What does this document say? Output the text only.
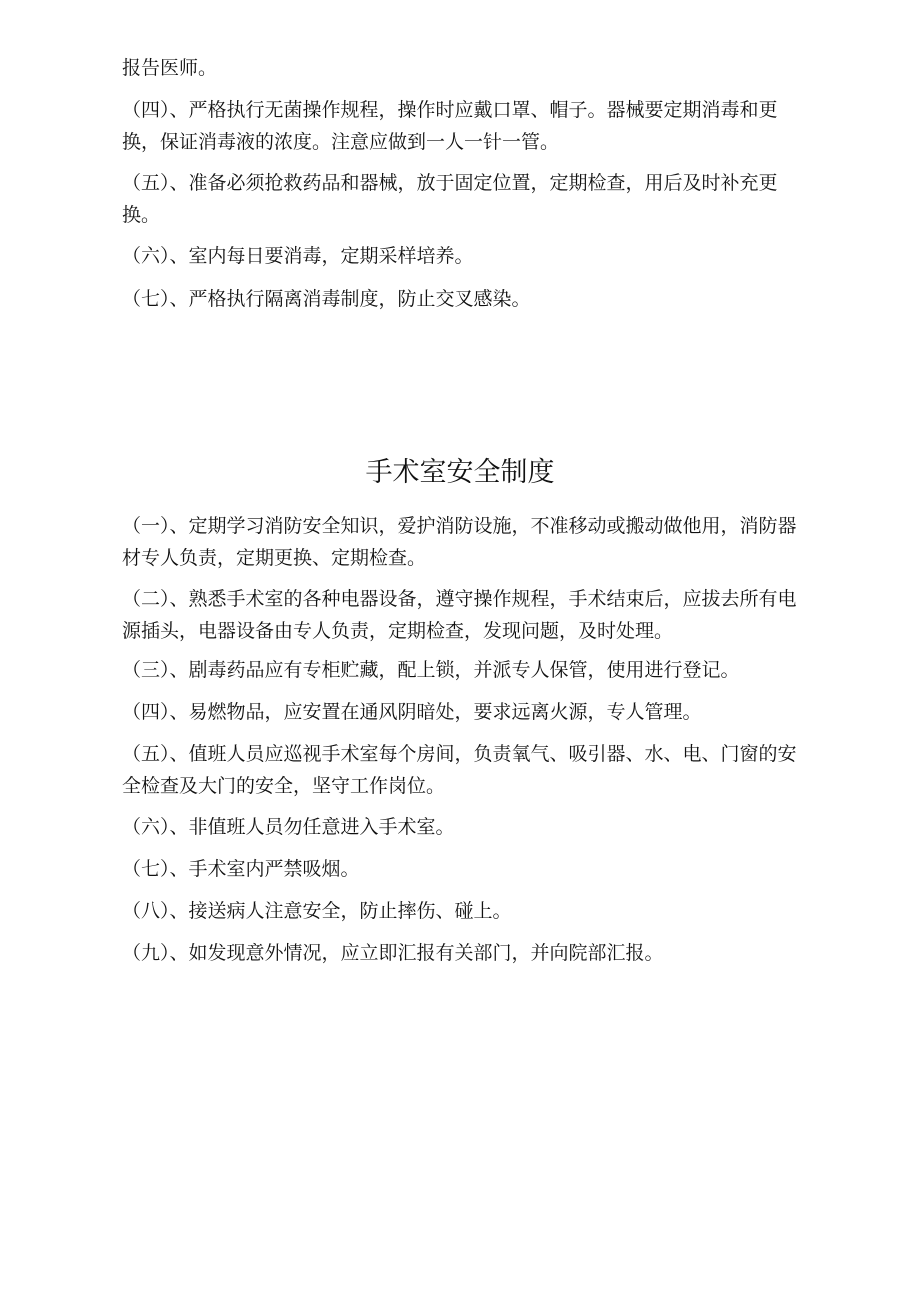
报告医师。

（四）、严格执行无菌操作规程，操作时应戴口罩、帽子。器械要定期消毒和更换，保证消毒液的浓度。注意应做到一人一针一管。

（五）、准备必须抢救药品和器械，放于固定位置，定期检查，用后及时补充更换。

（六）、室内每日要消毒，定期采样培养。

（七）、严格执行隔离消毒制度，防止交叉感染。

手术室安全制度

（一）、定期学习消防安全知识，爱护消防设施，不准移动或搬动做他用，消防器材专人负责，定期更换、定期检查。

（二）、熟悉手术室的各种电器设备，遵守操作规程，手术结束后，应拔去所有电源插头，电器设备由专人负责，定期检查，发现问题，及时处理。

（三）、剧毒药品应有专柜贮藏，配上锁，并派专人保管，使用进行登记。

（四）、易燃物品，应安置在通风阴暗处，要求远离火源，专人管理。

（五）、值班人员应巡视手术室每个房间，负责氧气、吸引器、水、电、门窗的安全检查及大门的安全，坚守工作岗位。

（六）、非值班人员勿任意进入手术室。

（七）、手术室内严禁吸烟。

（八）、接送病人注意安全，防止摔伤、碰上。

（九）、如发现意外情况，应立即汇报有关部门，并向院部汇报。
